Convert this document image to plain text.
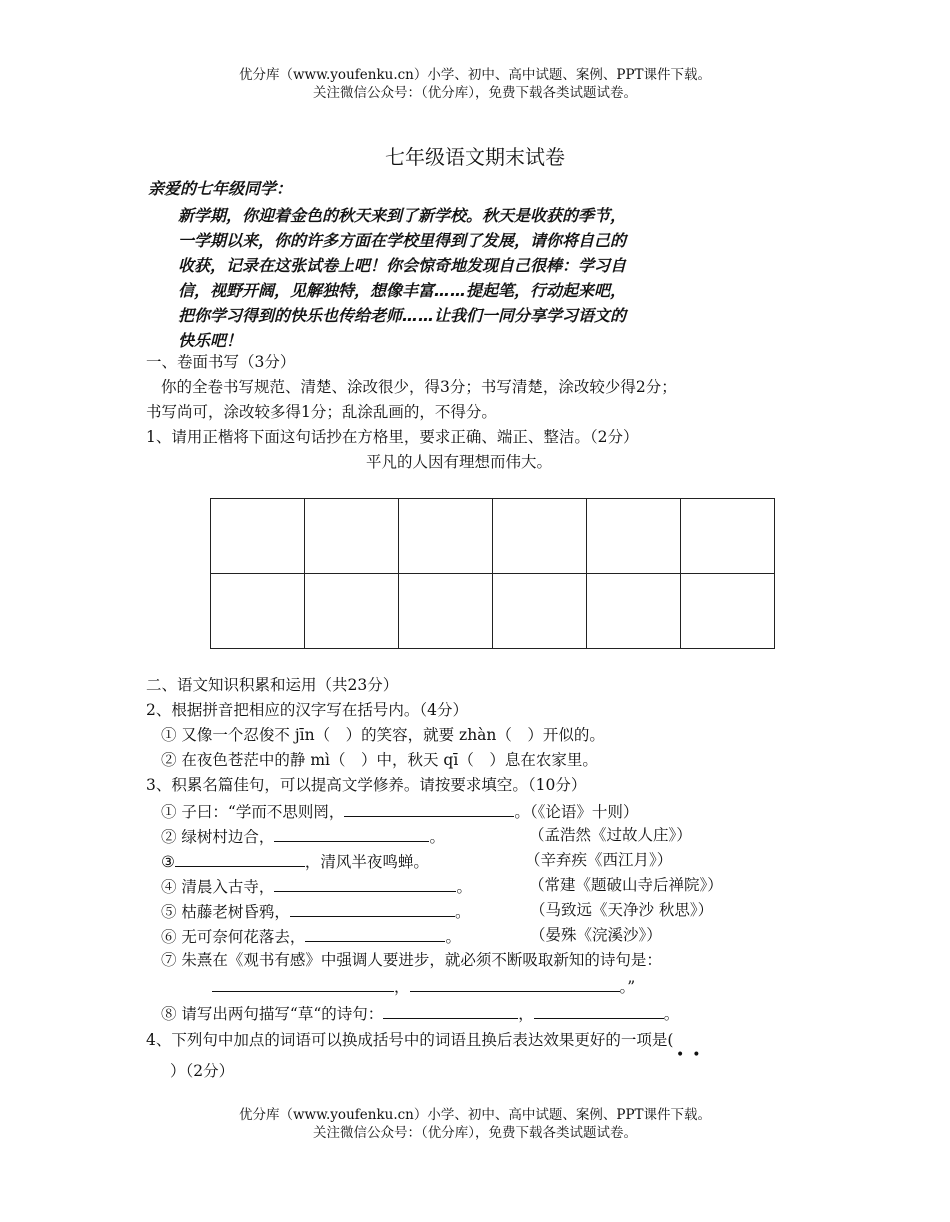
优分库（www.youfenku.cn）小学、初中、高中试题、案例、PPT课件下载。
关注微信公众号：（优分库），免费下载各类试题试卷。
七年级语文期末试卷
亲爱的七年级同学：
新学期，你迎着金色的秋天来到了新学校。秋天是收获的季节，
一学期以来，你的许多方面在学校里得到了发展，请你将自己的
收获，记录在这张试卷上吧！你会惊奇地发现自己很棒：学习自
信，视野开阔，见解独特，想像丰富……提起笔，行动起来吧，
把你学习得到的快乐也传给老师……让我们一同分享学习语文的
快乐吧！
一、卷面书写（3分）
你的全卷书写规范、清楚、涂改很少，得3分；书写清楚，涂改较少得2分；
书写尚可，涂改较多得1分；乱涂乱画的，不得分。
1、请用正楷将下面这句话抄在方格里，要求正确、端正、整洁。（2分）
平凡的人因有理想而伟大。

二、语文知识积累和运用（共23分）
2、根据拼音把相应的汉字写在括号内。（4分）
① 又像一个忍俊不 jīn（　）的笑容，就要 zhàn（　）开似的。
② 在夜色苍茫中的静 mì（　）中，秋天 qī（　）息在农家里。
3、积累名篇佳句，可以提高文学修养。请按要求填空。（10分）
① 子曰：“学而不思则罔，	。（《论语》十则）
② 绿树村边合，	。	（孟浩然《过故人庄》）
③	，清风半夜鸣蝉。	（辛弃疾《西江月》）
④ 清晨入古寺，	。	（常建《题破山寺后禅院》）
⑤ 枯藤老树昏鸦，	。	（马致远《天净沙 秋思》）
⑥ 无可奈何花落去，	。	（晏殊《浣溪沙》）
⑦ 朱熹在《观书有感》中强调人要进步，就必须不断吸取新知的诗句是：
，	。”
⑧ 请写出两句描写“草“的诗句：	，	。
4、下列句中加点的词语可以换成括号中的词语且换后表达效果更好的一项是(
••
）（2分）
优分库（www.youfenku.cn）小学、初中、高中试题、案例、PPT课件下载。
关注微信公众号：（优分库），免费下载各类试题试卷。
